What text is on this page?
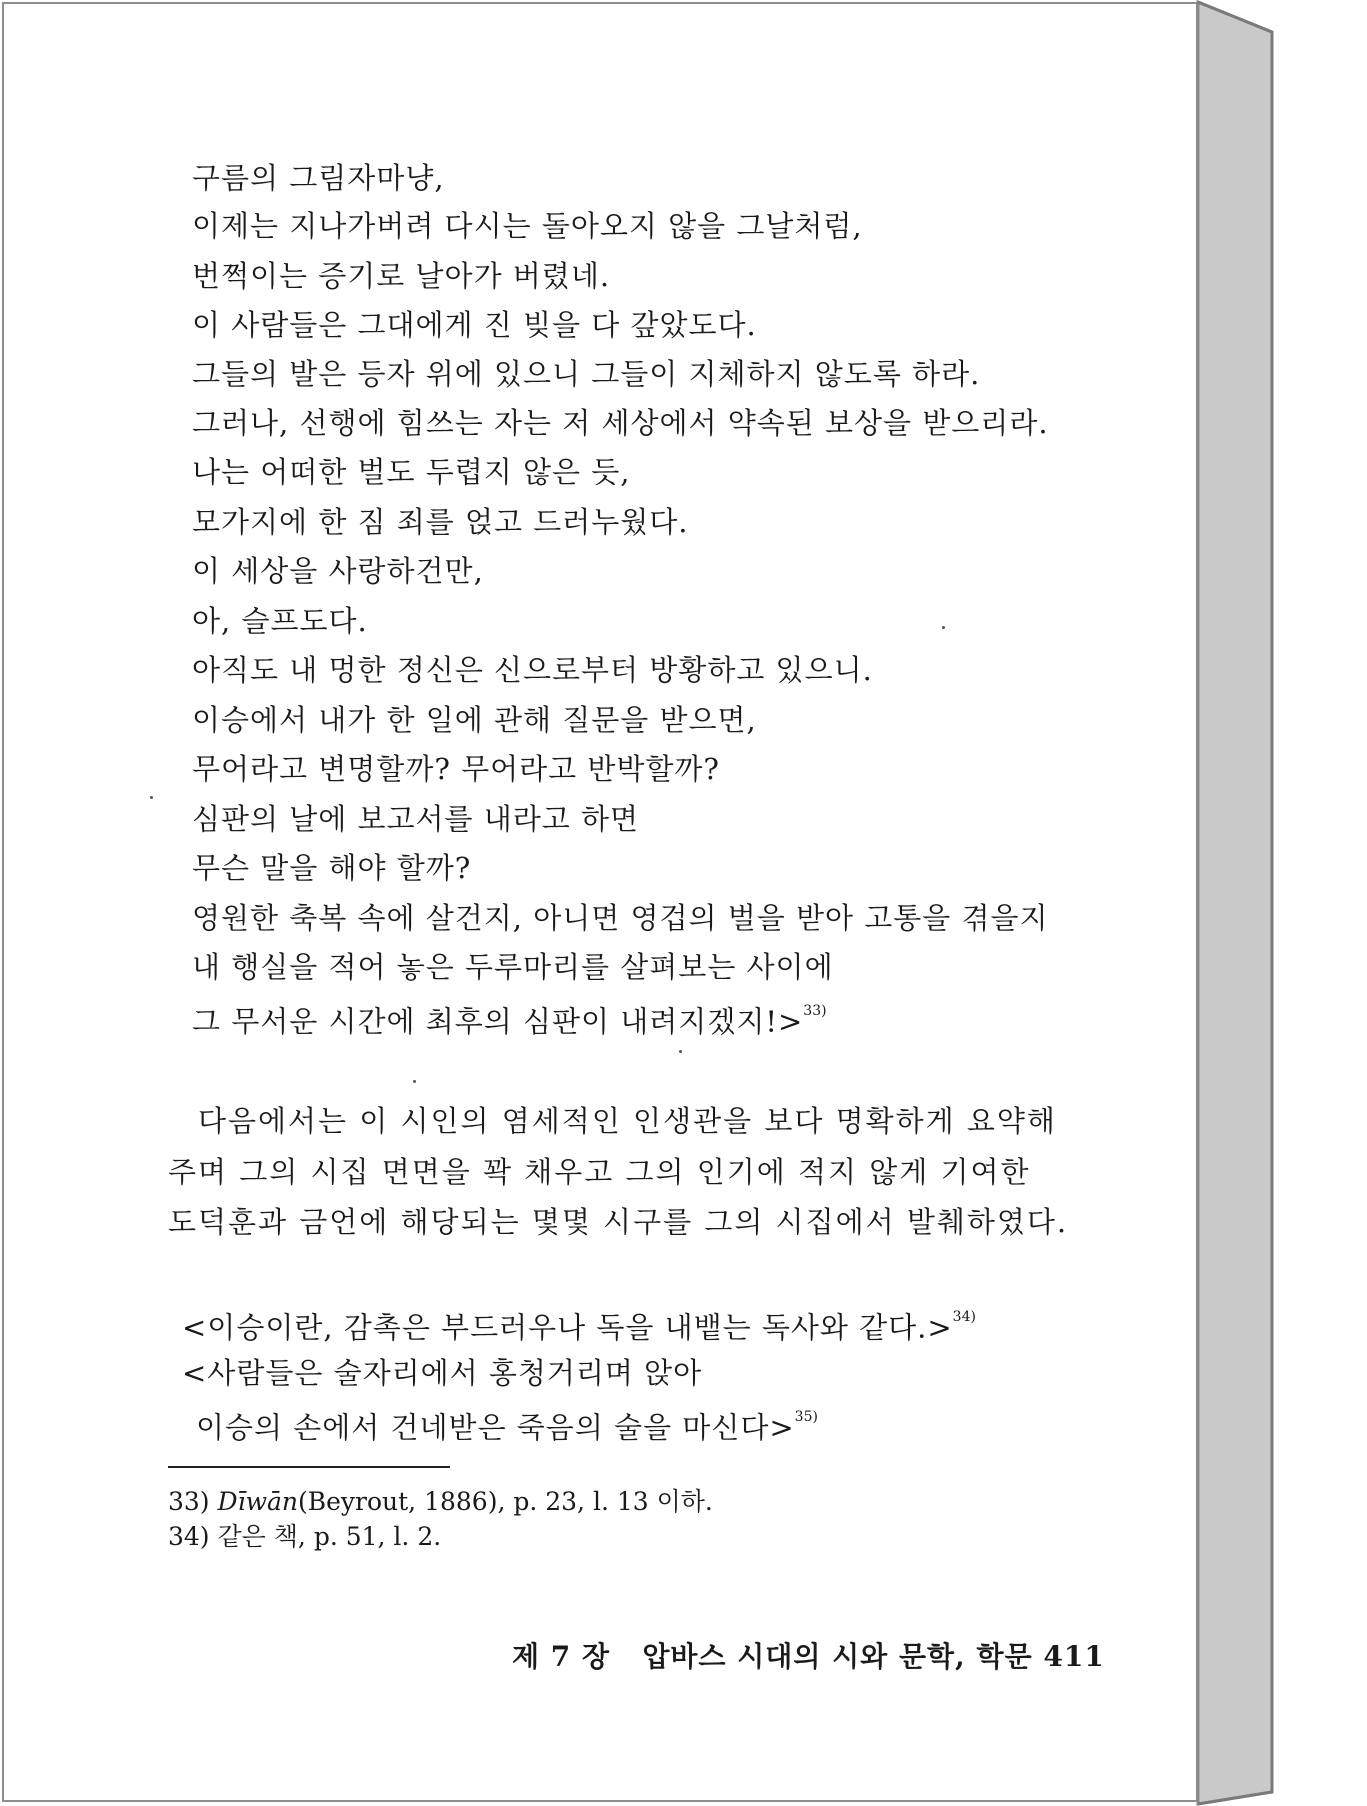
구름의 그림자마냥,
이제는 지나가버려 다시는 돌아오지 않을 그날처럼,
번쩍이는 증기로 날아가 버렸네.
이 사람들은 그대에게 진 빚을 다 갚았도다.
그들의 발은 등자 위에 있으니 그들이 지체하지 않도록 하라.
그러나, 선행에 힘쓰는 자는 저 세상에서 약속된 보상을 받으리라.
나는 어떠한 벌도 두렵지 않은 듯,
모가지에 한 짐 죄를 얹고 드러누웠다.
이 세상을 사랑하건만,
아, 슬프도다.
아직도 내 멍한 정신은 신으로부터 방황하고 있으니.
이승에서 내가 한 일에 관해 질문을 받으면,
무어라고 변명할까? 무어라고 반박할까?
심판의 날에 보고서를 내라고 하면
무슨 말을 해야 할까?
영원한 축복 속에 살건지, 아니면 영겁의 벌을 받아 고통을 겪을지
내 행실을 적어 놓은 두루마리를 살펴보는 사이에
그 무서운 시간에 최후의 심판이 내려지겠지!>$^{33)}$
다음에서는 이 시인의 염세적인 인생관을 보다 명확하게 요약해
주며 그의 시집 면면을 꽉 채우고 그의 인기에 적지 않게 기여한
도덕훈과 금언에 해당되는 몇몇 시구를 그의 시집에서 발췌하였다.
<이승이란, 감촉은 부드러우나 독을 내뱉는 독사와 같다.>$^{34)}$
<사람들은 술자리에서 홍청거리며 앉아
이승의 손에서 건네받은 죽음의 술을 마신다>$^{35)}$
33) Dīwān(Beyrout, 1886), p. 23, l. 13 이하.
34) 같은 책, p. 51, l. 2.
제 7 장 압바스 시대의 시와 문학, 학문 411
